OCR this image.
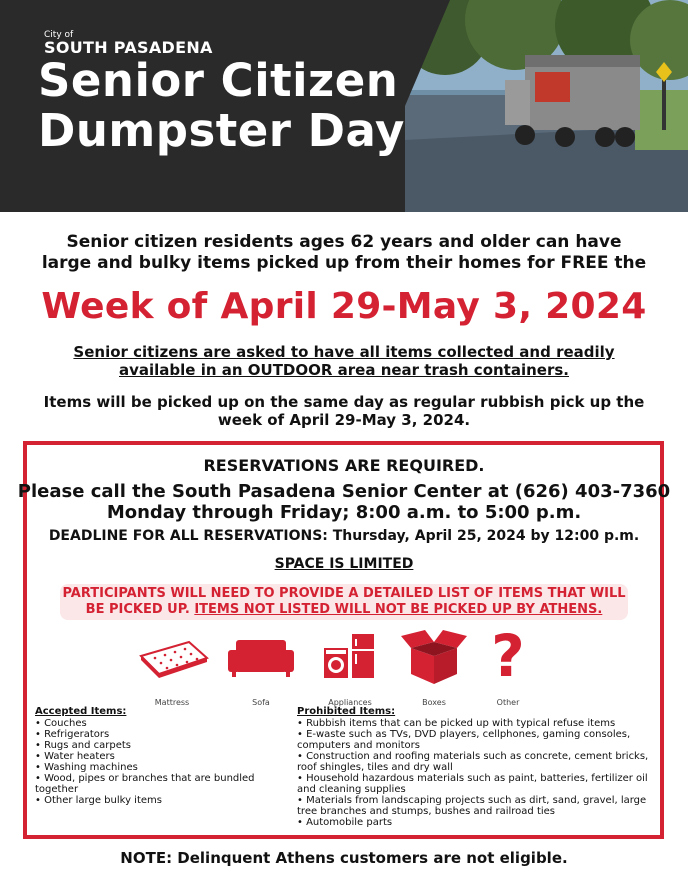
City of
SOUTH PASADENA
Senior Citizen
Dumpster Day
Senior citizen residents ages 62 years and older can have large and bulky items picked up from their homes for FREE the
Week of April 29-May 3, 2024
Senior citizens are asked to have all items collected and readily available in an OUTDOOR area near trash containers.
Items will be picked up on the same day as regular rubbish pick up the week of April 29-May 3, 2024.
RESERVATIONS ARE REQUIRED.
Please call the South Pasadena Senior Center at (626) 403-7360
Monday through Friday; 8:00 a.m. to 5:00 p.m.
DEADLINE FOR ALL RESERVATIONS: Thursday, April 25, 2024 by 12:00 p.m.
SPACE IS LIMITED
PARTICIPANTS WILL NEED TO PROVIDE A DETAILED LIST OF ITEMS THAT WILL BE PICKED UP. ITEMS NOT LISTED WILL NOT BE PICKED UP BY ATHENS.
?
Mattress	Sofa	Appliances	Boxes	Other
Accepted Items:
• Couches
• Refrigerators
• Rugs and carpets
• Water heaters
• Washing machines
• Wood, pipes or branches that are bundled together
• Other large bulky items
Prohibited Items:
• Rubbish items that can be picked up with typical refuse items
• E-waste such as TVs, DVD players, cellphones, gaming consoles, computers and monitors
• Construction and roofing materials such as concrete, cement bricks, roof shingles, tiles and dry wall
• Household hazardous materials such as paint, batteries, fertilizer oil and cleaning supplies
• Materials from landscaping projects such as dirt, sand, gravel, large tree branches and stumps, bushes and railroad ties
• Automobile parts
NOTE: Delinquent Athens customers are not eligible.
